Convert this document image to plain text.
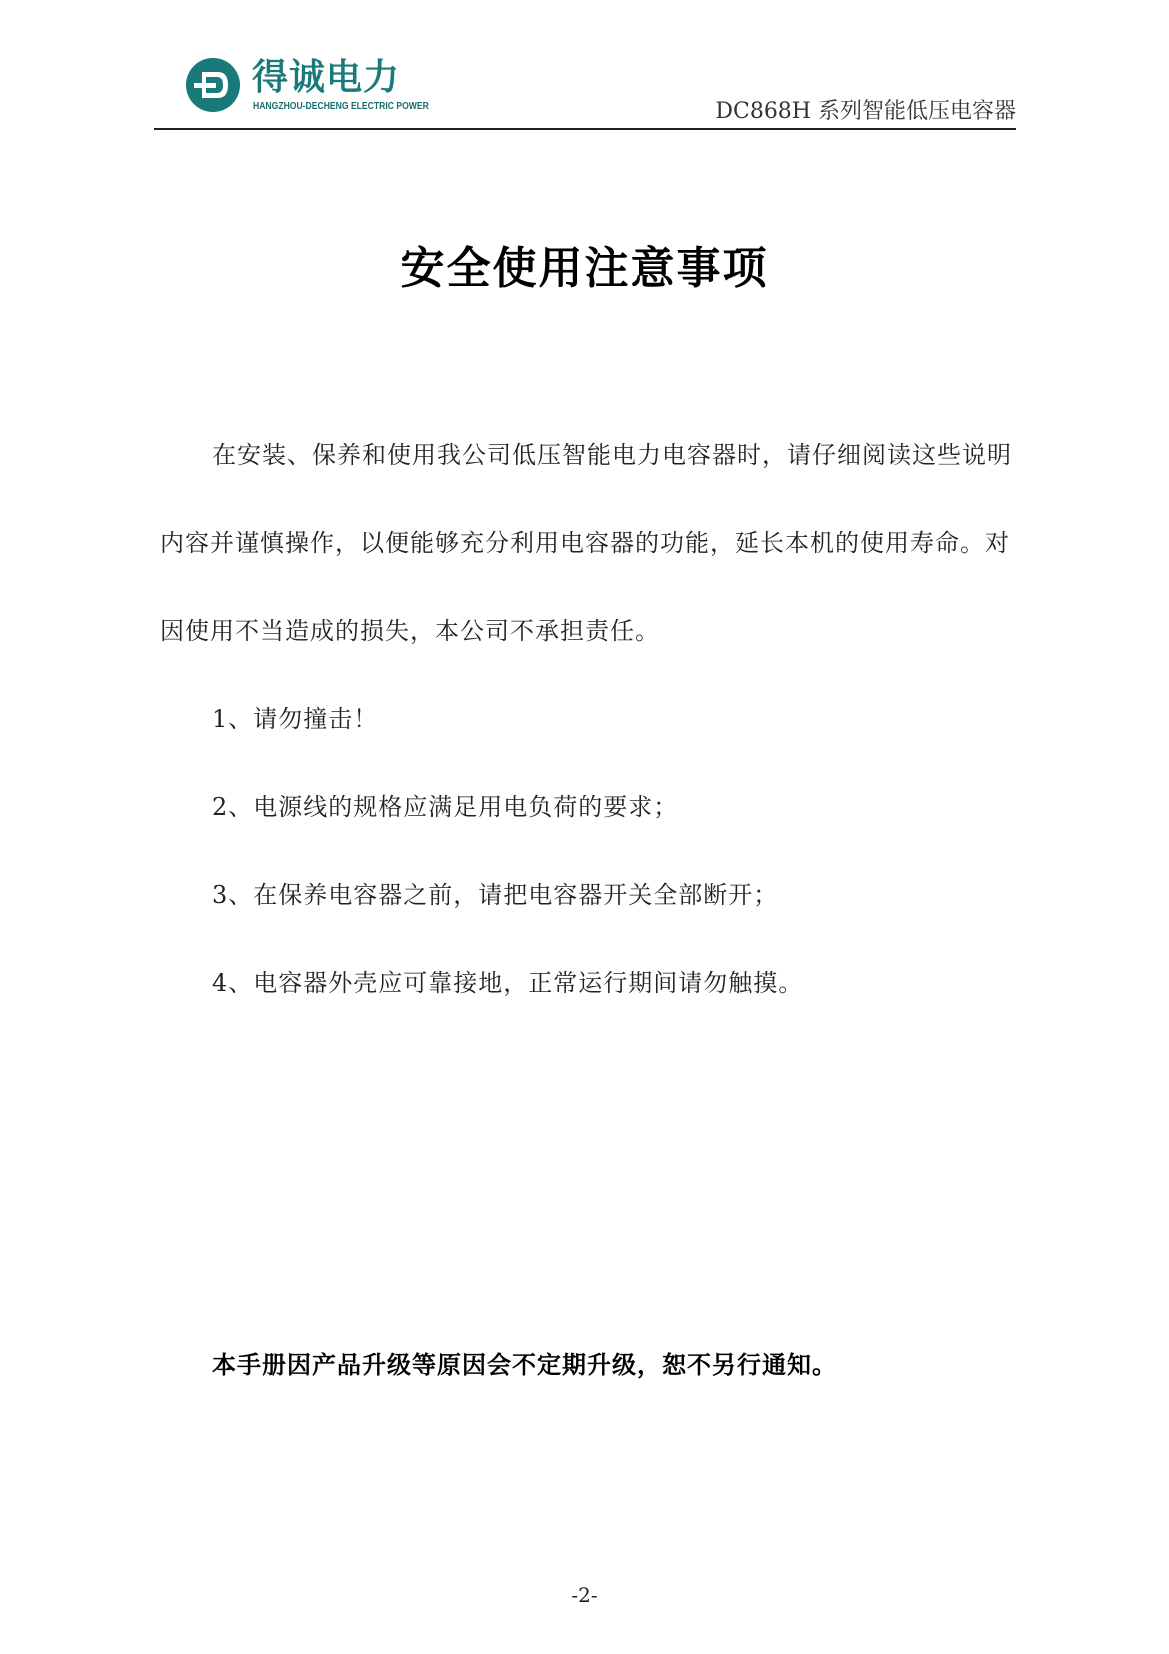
得诚电力
HANGZHOU-DECHENG ELECTRIC POWER	DC868H 系列智能低压电容器
安全使用注意事项

在安装、保养和使用我公司低压智能电力电容器时，请仔细阅读这些说明内容并谨慎操作，以便能够充分利用电容器的功能，延长本机的使用寿命。对因使用不当造成的损失，本公司不承担责任。

1、请勿撞击！

2、电源线的规格应满足用电负荷的要求；

3、在保养电容器之前，请把电容器开关全部断开；

4、电容器外壳应可靠接地，正常运行期间请勿触摸。

本手册因产品升级等原因会不定期升级，恕不另行通知。
-2-
